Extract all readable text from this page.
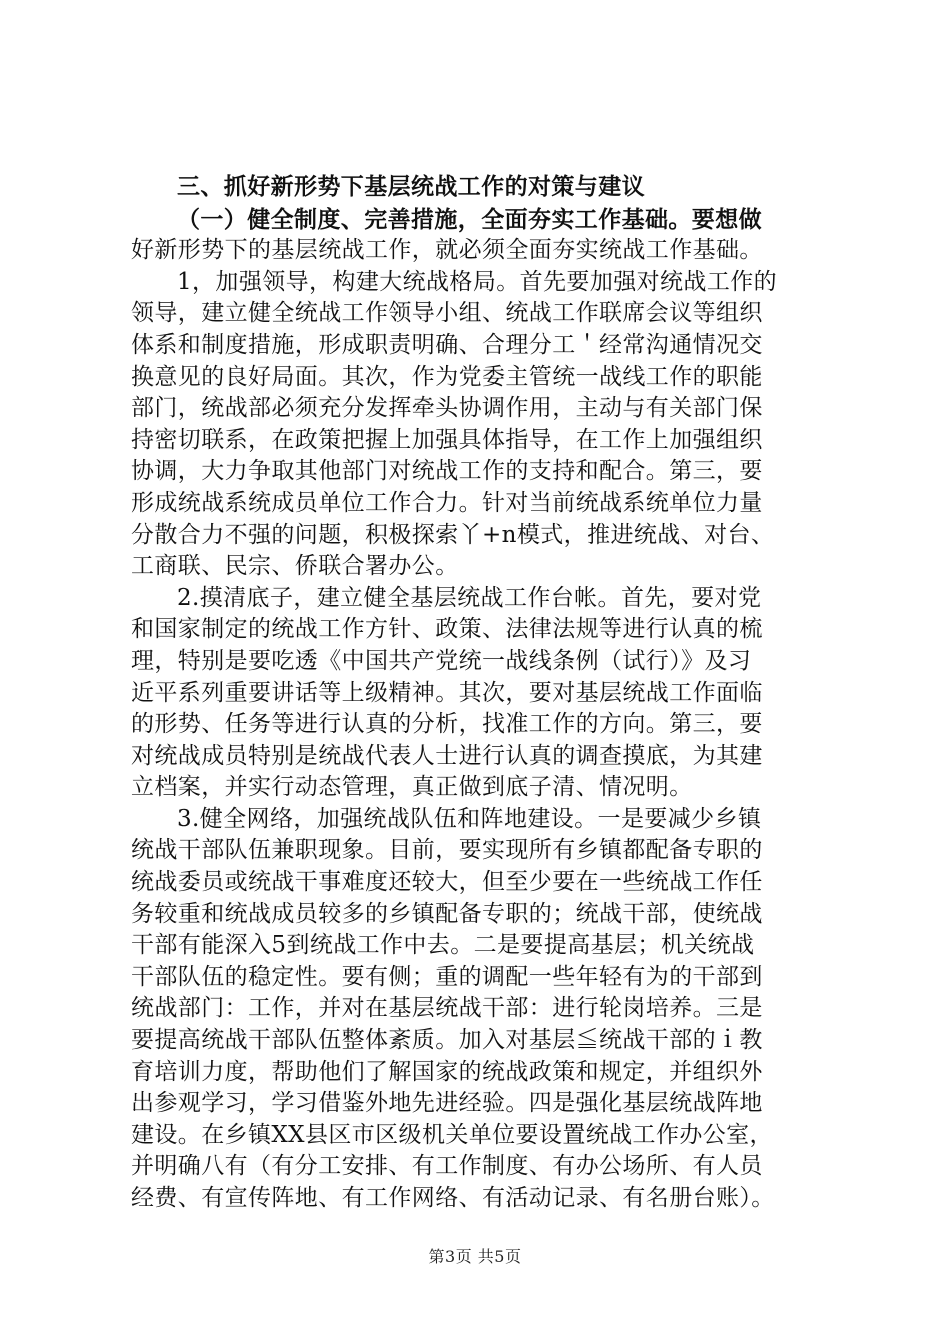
三、抓好新形势下基层统战工作的对策与建议
（一）健全制度、完善措施，全面夯实工作基础。要想做
好新形势下的基层统战工作，就必须全面夯实统战工作基础。
1，加强领导，构建大统战格局。首先要加强对统战工作的
领导，建立健全统战工作领导小组、统战工作联席会议等组织
体系和制度措施，形成职责明确、合理分工＇经常沟通情况交
换意见的良好局面。其次，作为党委主管统一战线工作的职能
部门，统战部必须充分发挥牵头协调作用，主动与有关部门保
持密切联系，在政策把握上加强具体指导，在工作上加强组织
协调，大力争取其他部门对统战工作的支持和配合。第三，要
形成统战系统成员单位工作合力。针对当前统战系统单位力量
分散合力不强的问题，积极探索丫+n模式，推进统战、对台、
工商联、民宗、侨联合署办公。
2.摸清底子，建立健全基层统战工作台帐。首先，要对党
和国家制定的统战工作方针、政策、法律法规等进行认真的梳
理，特别是要吃透《中国共产党统一战线条例（试行）》及习
近平系列重要讲话等上级精神。其次，要对基层统战工作面临
的形势、任务等进行认真的分析，找准工作的方向。第三，要
对统战成员特别是统战代表人士进行认真的调查摸底，为其建
立档案，并实行动态管理，真正做到底子清、情况明。
3.健全网络，加强统战队伍和阵地建设。一是要减少乡镇
统战干部队伍兼职现象。目前，要实现所有乡镇都配备专职的
统战委员或统战干事难度还较大，但至少要在一些统战工作任
务较重和统战成员较多的乡镇配备专职的；统战干部，使统战
干部有能深入5到统战工作中去。二是要提高基层；机关统战
干部队伍的稳定性。要有侧；重的调配一些年轻有为的干部到
统战部门：工作，并对在基层统战干部：进行轮岗培养。三是
要提高统战干部队伍整体紊质。加入对基层≦统战干部的ｉ教
育培训力度，帮助他们了解国家的统战政策和规定，并组织外
出参观学习，学习借鉴外地先进经验。四是强化基层统战阵地
建设。在乡镇XX县区市区级机关单位要设置统战工作办公室，
并明确八有（有分工安排、有工作制度、有办公场所、有人员
经费、有宣传阵地、有工作网络、有活动记录、有名册台账）。
第3页 共5页
